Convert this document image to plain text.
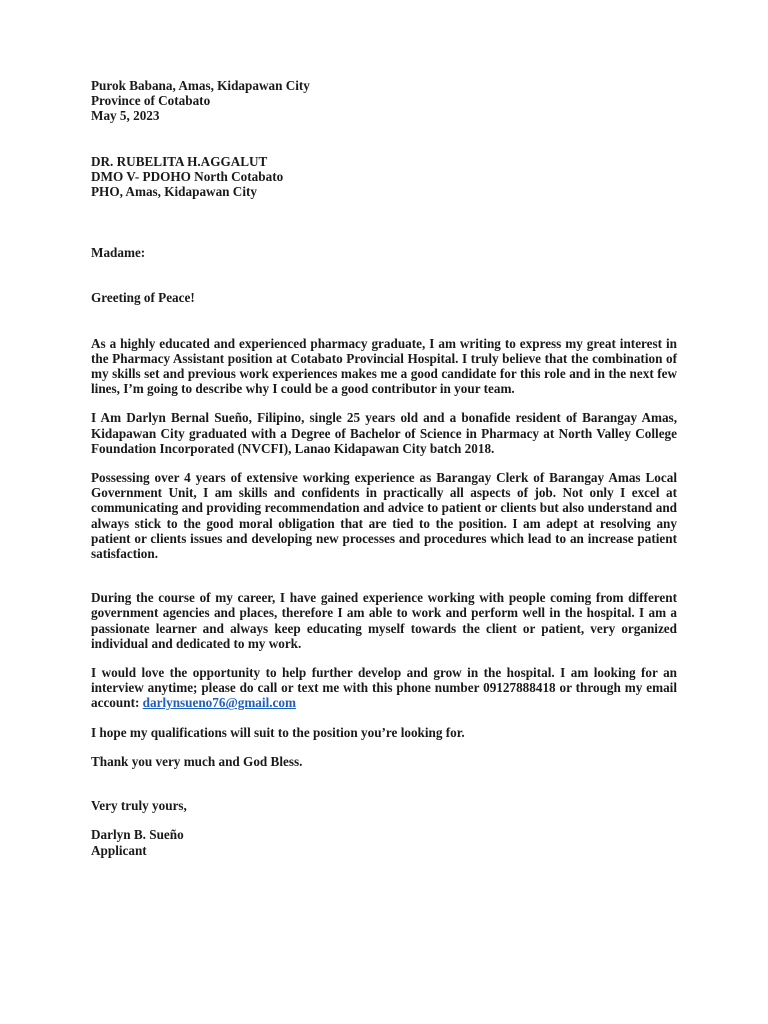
Purok Babana, Amas, Kidapawan City
Province of Cotabato
May 5, 2023
DR. RUBELITA H.AGGALUT
DMO V- PDOHO North Cotabato
PHO, Amas, Kidapawan City
Madame:
Greeting of Peace!

As a highly educated and experienced pharmacy graduate, I am writing to express my great interest in the Pharmacy Assistant position at Cotabato Provincial Hospital. I truly believe that the combination of my skills set and previous work experiences makes me a good candidate for this role and in the next few lines, I’m going to describe why I could be a good contributor in your team.

I Am Darlyn Bernal Sueño, Filipino, single 25 years old and a bonafide resident of Barangay Amas, Kidapawan City graduated with a Degree of Bachelor of Science in Pharmacy at North Valley College Foundation Incorporated (NVCFI), Lanao Kidapawan City batch 2018.

Possessing over 4 years of extensive working experience as Barangay Clerk of Barangay Amas Local Government Unit, I am skills and confidents in practically all aspects of job. Not only I excel at communicating and providing recommendation and advice to patient or clients but also understand and always stick to the good moral obligation that are tied to the position. I am adept at resolving any patient or clients issues and developing new processes and procedures which lead to an increase patient satisfaction.

During the course of my career, I have gained experience working with people coming from different government agencies and places, therefore I am able to work and perform well in the hospital. I am a passionate learner and always keep educating myself towards the client or patient, very organized individual and dedicated to my work.

I would love the opportunity to help further develop and grow in the hospital. I am looking for an interview anytime; please do call or text me with this phone number 09127888418 or through my email account: darlynsueno76@gmail.com

I hope my qualifications will suit to the position you’re looking for.

Thank you very much and God Bless.

Very truly yours,
Darlyn B. Sueño
Applicant
